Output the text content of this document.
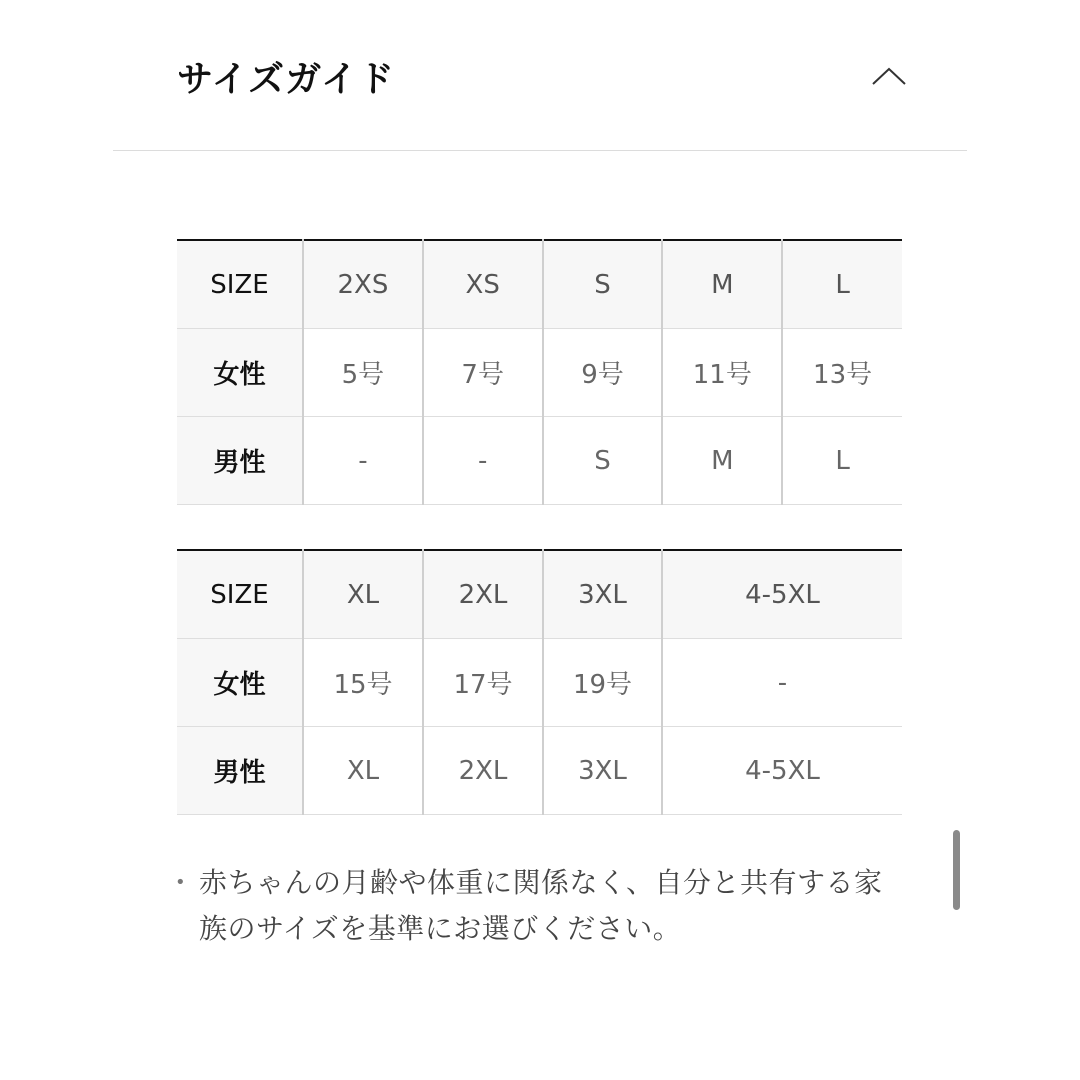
サイズガイド
SIZE	2XS	XS	S	M	L
女性	5号	7号	9号	11号	13号
男性	-	-	S	M	L
SIZE	XL	2XL	3XL	4-5XL
女性	15号	17号	19号	-
男性	XL	2XL	3XL	4-5XL
• 赤ちゃんの月齢や体重に関係なく、自分と共有する家
族のサイズを基準にお選びください。
